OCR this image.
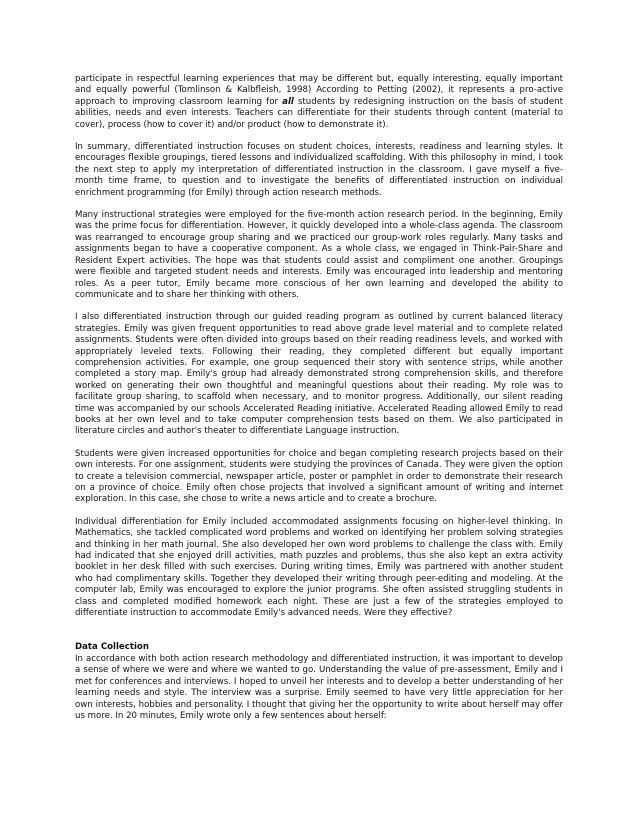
participate in respectful learning experiences that may be different but, equally interesting, equally important and equally powerful (Tomlinson & Kalbfleish, 1998) According to Petting (2002), it represents a pro-active approach to improving classroom learning for all students by redesigning instruction on the basis of student abilities, needs and even interests. Teachers can differentiate for their students through content (material to cover), process (how to cover it) and/or product (how to demonstrate it).

In summary, differentiated instruction focuses on student choices, interests, readiness and learning styles. It encourages flexible groupings, tiered lessons and individualized scaffolding. With this philosophy in mind, I took the next step to apply my interpretation of differentiated instruction in the classroom. I gave myself a five-month time frame, to question and to investigate the benefits of differentiated instruction on individual enrichment programming (for Emily) through action research methods.

Many instructional strategies were employed for the five-month action research period. In the beginning, Emily was the prime focus for differentiation. However, it quickly developed into a whole-class agenda. The classroom was rearranged to encourage group sharing and we practiced our group-work roles regularly. Many tasks and assignments began to have a cooperative component. As a whole class, we engaged in Think-Pair-Share and Resident Expert activities. The hope was that students could assist and compliment one another. Groupings were flexible and targeted student needs and interests. Emily was encouraged into leadership and mentoring roles. As a peer tutor, Emily became more conscious of her own learning and developed the ability to communicate and to share her thinking with others.

I also differentiated instruction through our guided reading program as outlined by current balanced literacy strategies. Emily was given frequent opportunities to read above grade level material and to complete related assignments. Students were often divided into groups based on their reading readiness levels, and worked with appropriately leveled texts. Following their reading, they completed different but equally important comprehension activities. For example, one group sequenced their story with sentence strips, while another completed a story map. Emily's group had already demonstrated strong comprehension skills, and therefore worked on generating their own thoughtful and meaningful questions about their reading. My role was to facilitate group sharing, to scaffold when necessary, and to monitor progress. Additionally, our silent reading time was accompanied by our schools Accelerated Reading initiative. Accelerated Reading allowed Emily to read books at her own level and to take computer comprehension tests based on them. We also participated in literature circles and author's theater to differentiate Language instruction.

Students were given increased opportunities for choice and began completing research projects based on their own interests. For one assignment, students were studying the provinces of Canada. They were given the option to create a television commercial, newspaper article, poster or pamphlet in order to demonstrate their research on a province of choice. Emily often chose projects that involved a significant amount of writing and internet exploration. In this case, she chose to write a news article and to create a brochure.

Individual differentiation for Emily included accommodated assignments focusing on higher-level thinking. In Mathematics, she tackled complicated word problems and worked on identifying her problem solving strategies and thinking in her math journal. She also developed her own word problems to challenge the class with. Emily had indicated that she enjoyed drill activities, math puzzles and problems, thus she also kept an extra activity booklet in her desk filled with such exercises. During writing times, Emily was partnered with another student who had complimentary skills. Together they developed their writing through peer-editing and modeling. At the computer lab, Emily was encouraged to explore the junior programs. She often assisted struggling students in class and completed modified homework each night. These are just a few of the strategies employed to differentiate instruction to accommodate Emily's advanced needs. Were they effective?

Data Collection

In accordance with both action research methodology and differentiated instruction, it was important to develop a sense of where we were and where we wanted to go. Understanding the value of pre-assessment, Emily and I met for conferences and interviews. I hoped to unveil her interests and to develop a better understanding of her learning needs and style. The interview was a surprise. Emily seemed to have very little appreciation for her own interests, hobbies and personality. I thought that giving her the opportunity to write about herself may offer us more. In 20 minutes, Emily wrote only a few sentences about herself:
